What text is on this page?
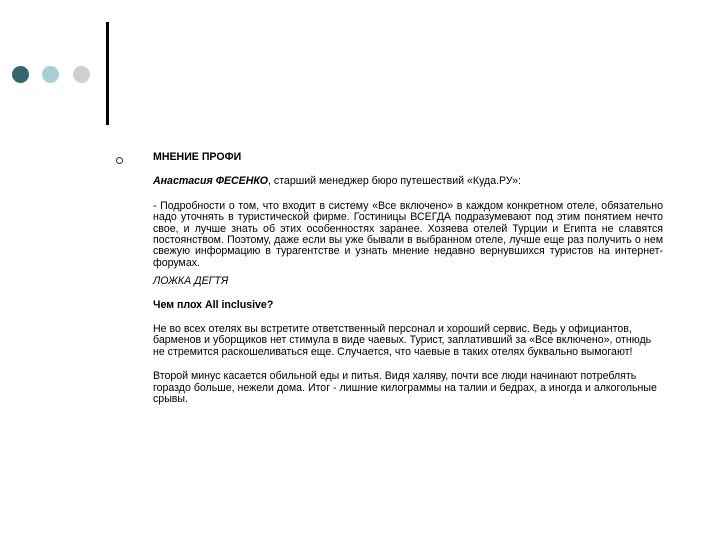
МНЕНИЕ ПРОФИ

Анастасия ФЕСЕНКО, старший менеджер бюро путешествий «Куда.РУ»:

- Подробности о том, что входит в систему «Все включено» в каждом конкретном отеле, обязательно надо уточнять в туристической фирме. Гостиницы ВСЕГДА подразумевают под этим понятием нечто свое, и лучше знать об этих особенностях заранее. Хозяева отелей Турции и Египта не славятся постоянством. Поэтому, даже если вы уже бывали в выбранном отеле, лучше еще раз получить о нем свежую информацию в турагентстве и узнать мнение недавно вернувшихся туристов на интернет-форумах.

ЛОЖКА ДЕГТЯ

Чем плох All inclusive?

Не во всех отелях вы встретите ответственный персонал и хороший сервис. Ведь у официантов, барменов и уборщиков нет стимула в виде чаевых. Турист, заплативший за «Все включено», отнюдь не стремится раскошеливаться еще. Случается, что чаевые в таких отелях буквально вымогают!

Второй минус касается обильной еды и питья. Видя халяву, почти все люди начинают потреблять гораздо больше, нежели дома. Итог - лишние килограммы на талии и бедрах, а иногда и алкогольные срывы.
